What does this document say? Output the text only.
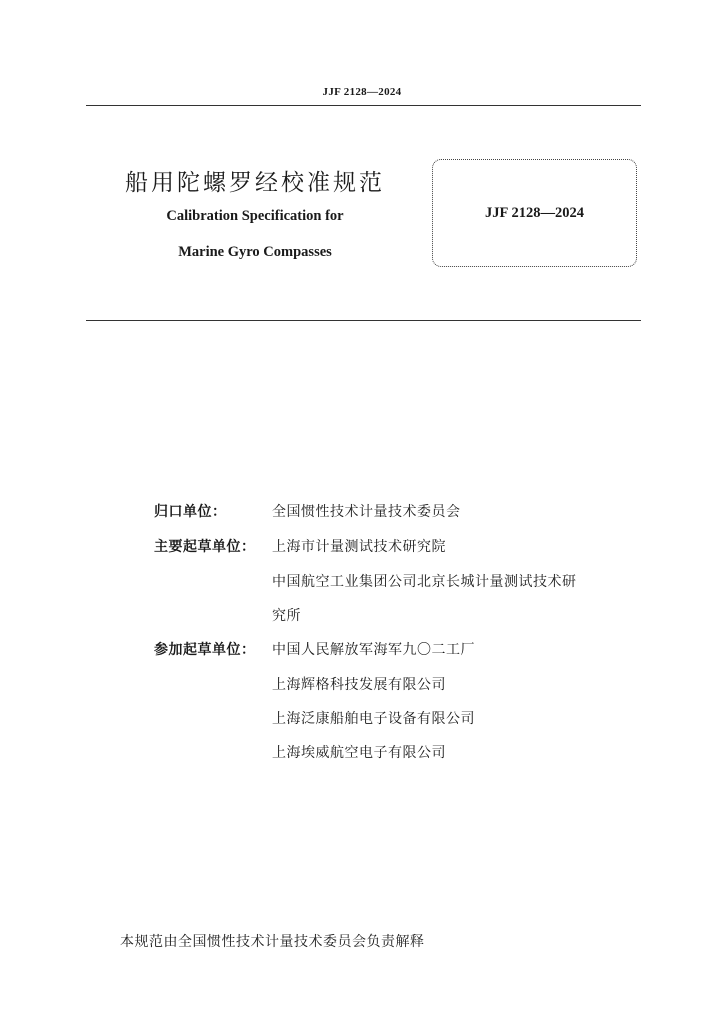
JJF 2128—2024
船用陀螺罗经校准规范
Calibration Specification for
Marine Gyro Compasses
JJF 2128—2024
归口单位：	全国惯性技术计量技术委员会
主要起草单位： 上海市计量测试技术研究院
中国航空工业集团公司北京长城计量测试技术研
究所
参加起草单位： 中国人民解放军海军九〇二工厂
上海辉格科技发展有限公司
上海泛康船舶电子设备有限公司
上海埃威航空电子有限公司
本规范由全国惯性技术计量技术委员会负责解释
